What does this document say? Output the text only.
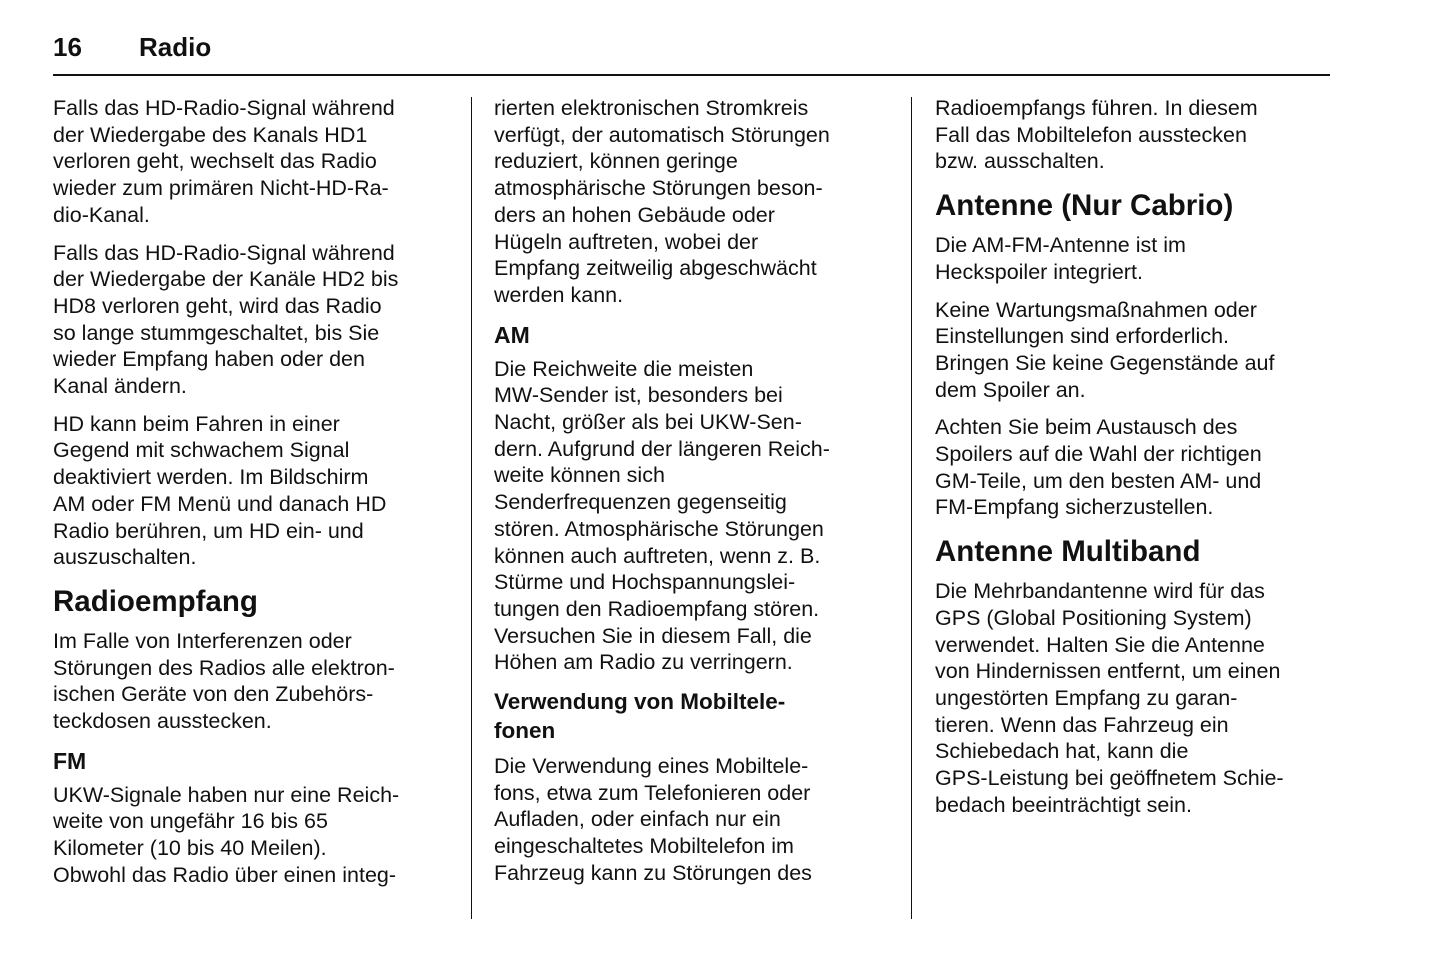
16 Radio
Falls das HD-Radio-Signal während
der Wiedergabe des Kanals HD1
verloren geht, wechselt das Radio
wieder zum primären Nicht-HD-Ra-
dio-Kanal.
Falls das HD-Radio-Signal während
der Wiedergabe der Kanäle HD2 bis
HD8 verloren geht, wird das Radio
so lange stummgeschaltet, bis Sie
wieder Empfang haben oder den
Kanal ändern.
HD kann beim Fahren in einer
Gegend mit schwachem Signal
deaktiviert werden. Im Bildschirm
AM oder FM Menü und danach HD
Radio berühren, um HD ein- und
auszuschalten.
Radioempfang
Im Falle von Interferenzen oder
Störungen des Radios alle elektron-
ischen Geräte von den Zubehörs-
teckdosen ausstecken.
FM
UKW-Signale haben nur eine Reich-
weite von ungefähr 16 bis 65
Kilometer (10 bis 40 Meilen).
Obwohl das Radio über einen integ-
rierten elektronischen Stromkreis
verfügt, der automatisch Störungen
reduziert, können geringe
atmosphärische Störungen beson-
ders an hohen Gebäude oder
Hügeln auftreten, wobei der
Empfang zeitweilig abgeschwächt
werden kann.
AM
Die Reichweite die meisten
MW-Sender ist, besonders bei
Nacht, größer als bei UKW-Sen-
dern. Aufgrund der längeren Reich-
weite können sich
Senderfrequenzen gegenseitig
stören. Atmosphärische Störungen
können auch auftreten, wenn z. B.
Stürme und Hochspannungslei-
tungen den Radioempfang stören.
Versuchen Sie in diesem Fall, die
Höhen am Radio zu verringern.
Verwendung von Mobiltele-
fonen
Die Verwendung eines Mobiltele-
fons, etwa zum Telefonieren oder
Aufladen, oder einfach nur ein
eingeschaltetes Mobiltelefon im
Fahrzeug kann zu Störungen des
Radioempfangs führen. In diesem
Fall das Mobiltelefon ausstecken
bzw. ausschalten.
Antenne (Nur Cabrio)
Die AM-FM-Antenne ist im
Heckspoiler integriert.
Keine Wartungsmaßnahmen oder
Einstellungen sind erforderlich.
Bringen Sie keine Gegenstände auf
dem Spoiler an.
Achten Sie beim Austausch des
Spoilers auf die Wahl der richtigen
GM-Teile, um den besten AM- und
FM-Empfang sicherzustellen.
Antenne Multiband
Die Mehrbandantenne wird für das
GPS (Global Positioning System)
verwendet. Halten Sie die Antenne
von Hindernissen entfernt, um einen
ungestörten Empfang zu garan-
tieren. Wenn das Fahrzeug ein
Schiebedach hat, kann die
GPS-Leistung bei geöffnetem Schie-
bedach beeinträchtigt sein.
